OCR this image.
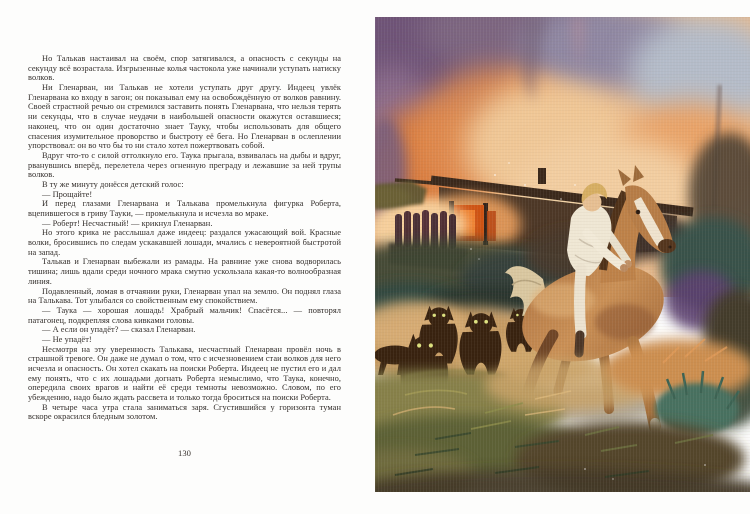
Но Талькав настаивал на своём, спор затягивался, а опасность с секунды на секунду всё возрастала. Изгрызенные колья частокола уже начинали уступать натиску волков.

Ни Гленарван, ни Талькав не хотели уступать друг другу. Индеец увлёк Гленарвана ко входу в загон; он показывал ему на освобождённую от волков равнину. Своей страстной речью он стремился заставить понять Гленарвана, что нельзя терять ни секунды, что в случае неудачи в наибольшей опасности окажутся оставшиеся; наконец, что он один достаточно знает Тауку, чтобы использовать для общего спасения изумительное проворство и быстроту её бега. Но Гленарван в ослеплении упорствовал: он во что бы то ни стало хотел пожертвовать собой.

Вдруг что-то с силой оттолкнуло его. Таука прыгала, взвивалась на дыбы и вдруг, рванувшись вперёд, перелетела через огненную преграду и лежавшие за ней трупы волков.

В ту же минуту донёсся детский голос:

— Прощайте!

И перед глазами Гленарвана и Талькава промелькнула фигурка Роберта, вцепившегося в гриву Тауки, — промелькнула и исчезла во мраке.

— Роберт! Несчастный! — крикнул Гленарван.

Но этого крика не расслышал даже индеец: раздался ужасающий вой. Красные волки, бросившись по следам ускакавшей лошади, мчались с невероятной быстротой на запад.

Талькав и Гленарван выбежали из рамады. На равнине уже снова водворилась тишина; лишь вдали среди ночного мрака смутно ускользала какая-то волнообразная линия.

Подавленный, ломая в отчаянии руки, Гленарван упал на землю. Он поднял глаза на Талькава. Тот улыбался со свойственным ему спокойствием.

— Таука — хорошая лошадь! Храбрый мальчик! Спасётся... — повторял патагонец, подкрепляя слова кивками головы.

— А если он упадёт? — сказал Гленарван.

— Не упадёт!

Несмотря на эту уверенность Талькава, несчастный Гленарван провёл ночь в страшной тревоге. Он даже не думал о том, что с исчезновением стаи волков для него исчезла и опасность. Он хотел скакать на поиски Роберта. Индеец не пустил его и дал ему понять, что с их лошадьми догнать Роберта немыслимо, что Таука, конечно, опередила своих врагов и найти её среди темноты невозможно. Словом, по его убеждению, надо было ждать рассвета и только тогда броситься на поиски Роберта.

В четыре часа утра стала заниматься заря. Сгустившийся у горизонта туман вскоре окрасился бледным золотом.

130
